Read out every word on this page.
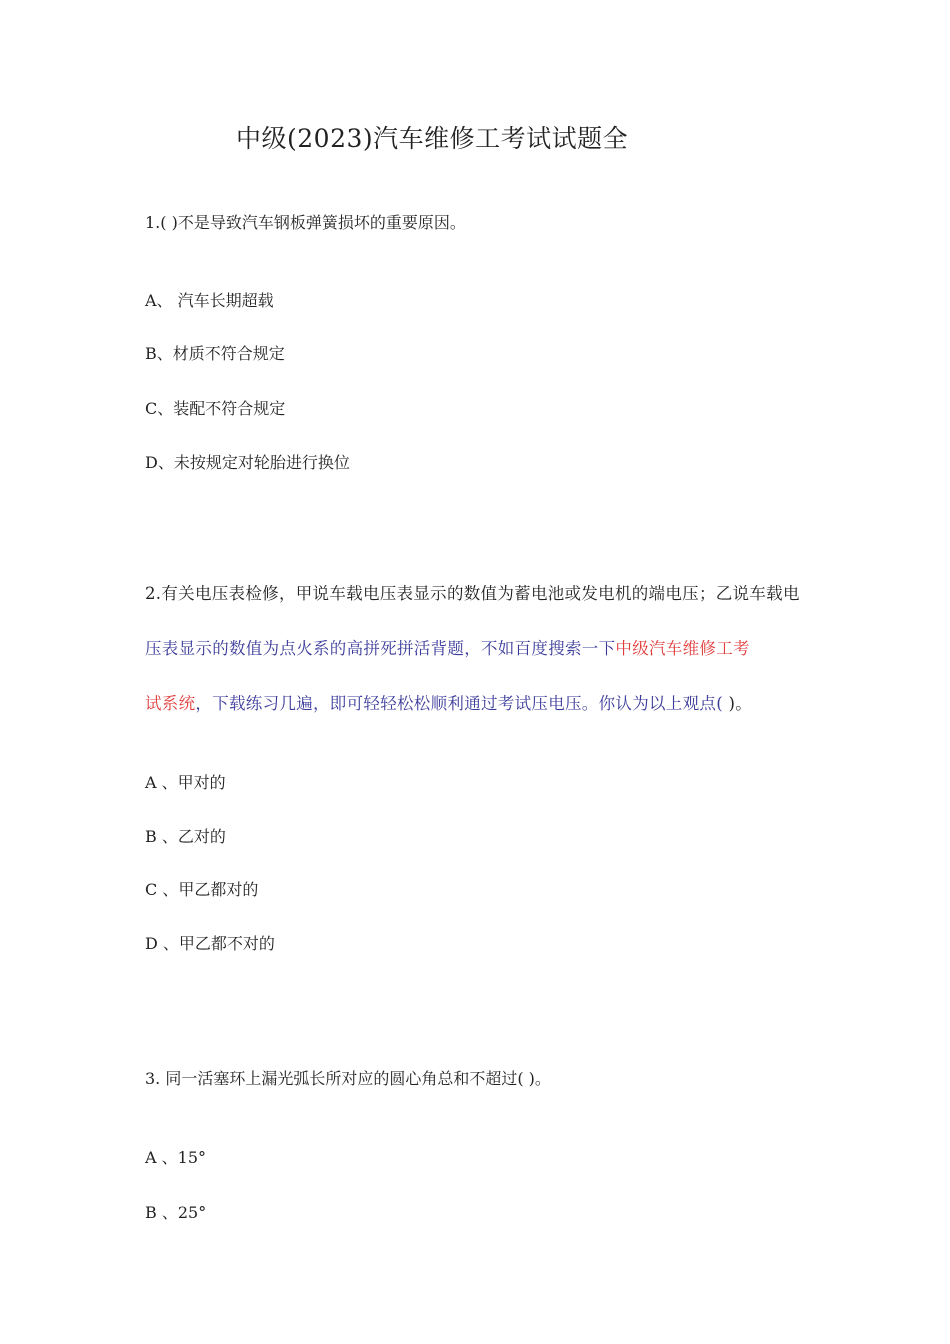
中级(2023)汽车维修工考试试题全
1.( )不是导致汽车钢板弹簧损坏的重要原因。
A、 汽车长期超载
B、材质不符合规定
C、装配不符合规定
D、未按规定对轮胎进行换位
2.有关电压表检修，甲说车载电压表显示的数值为蓄电池或发电机的端电压；乙说车载电
压表显示的数值为点火系的高拼死拼活背题，不如百度搜索一下中级汽车维修工考
试系统，下载练习几遍，即可轻轻松松顺利通过考试压电压。你认为以上观点( )。
A 、甲对的
B 、乙对的
C 、甲乙都对的
D 、甲乙都不对的
3. 同一活塞环上漏光弧长所对应的圆心角总和不超过( )。
A 、15°
B 、25°
